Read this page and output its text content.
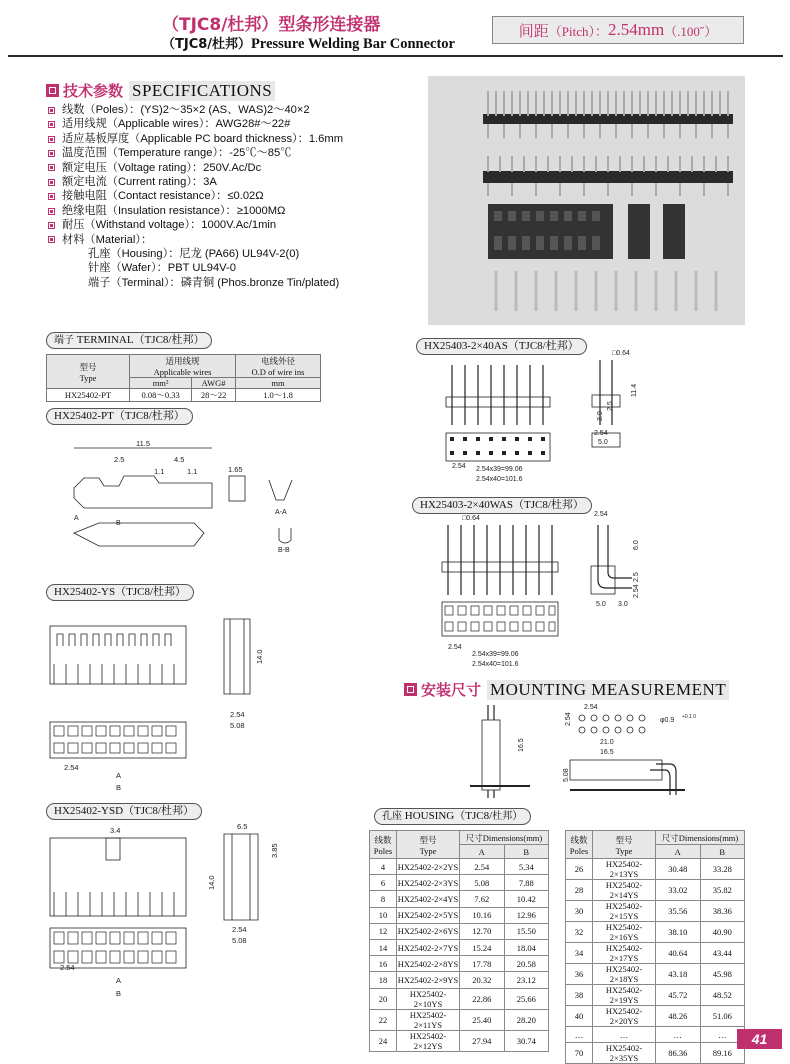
（TJC8/杜邦）型条形连接器
（TJC8/杜邦）Pressure Welding Bar Connector
间距 （Pitch）： 2.54mm （.100˝）
技术参数 SPECIFICATIONS
线数（Poles）：(YS)2～35×2 (AS、WAS)2～40×2
适用线规（Applicable wires）：AWG28#～22#
适应基板厚度（Applicable PC board thickness）：1.6mm
温度范围（Temperature range）：-25℃～85℃
额定电压（Voltage rating）：250V.Ac/Dc
额定电流（Current rating）：3A
接触电阻（Contact resistance）：≤0.02Ω
绝缘电阻（Insulation resistance）：≥1000MΩ
耐压（Withstand voltage）：1000V.Ac/1min
材料（Material）：
孔座（Housing）：尼龙 (PA66) UL94V-2(0)
针座（Wafer）：PBT UL94V-0
端子（Terminal）：磷青铜 (Phos.bronze Tin/plated)
端子 TERMINAL（TJC8/杜邦）
型号
Type	适用线规
Applicable wires		电线外径
O.D of wire ins
	mm²	AWG#	mm
HX25402-PT	0.08～0.33	28～22	1.0～1.8
HX25402-PT（TJC8/杜邦）
11.5
2.5	4.5
1.1	1.1	1.65
A-A
A
B
B-B
HX25402-YS（TJC8/杜邦）
2.54
A
B
14.0
2.54
5.08
HX25402-YSD（TJC8/杜邦）
3.4
2.54
A
B
6.5
3.85
14.0
2.54
5.08
HX25403-2×40AS（TJC8/杜邦）
2.54 2.54x39=99.06
2.54x40=101.6
□0.64
11.4
3.0
2.5
2.54
5.0
HX25403-2×40WAS（TJC8/杜邦）
□0.64
2.54
2.54x39=99.06
2.54x40=101.6
2.54
6.0
2.5
2.54
5.0 3.0
安装尺寸 MOUNTING MEASUREMENT
16.5
2.54
2.54
φ0.9 +0.1 0
21.0
16.5
5.08
孔座 HOUSING（TJC8/杜邦）
线数
Poles	型号
Type	尺寸Dimensions(mm)	
		A	B
4	HX25402-2×2YS	2.54	5.34
6	HX25402-2×3YS	5.08	7.88
8	HX25402-2×4YS	7.62	10.42
10	HX25402-2×5YS	10.16	12.96
12	HX25402-2×6YS	12.70	15.50
14	HX25402-2×7YS	15.24	18.04
16	HX25402-2×8YS	17.78	20.58
18	HX25402-2×9YS	20.32	23.12
20	HX25402-2×10YS	22.86	25.66
22	HX25402-2×11YS	25.40	28.20
24	HX25402-2×12YS	27.94	30.74
线数
Poles	型号
Type	尺寸Dimensions(mm)	
		A	B
26	HX25402-2×13YS	30.48	33.28
28	HX25402-2×14YS	33.02	35.82
30	HX25402-2×15YS	35.56	38.36
32	HX25402-2×16YS	38.10	40.90
34	HX25402-2×17YS	40.64	43.44
36	HX25402-2×18YS	43.18	45.98
38	HX25402-2×19YS	45.72	48.52
40	HX25402-2×20YS	48.26	51.06
…	…	…	…
70	HX25402-2×35YS	86.36	89.16
41
